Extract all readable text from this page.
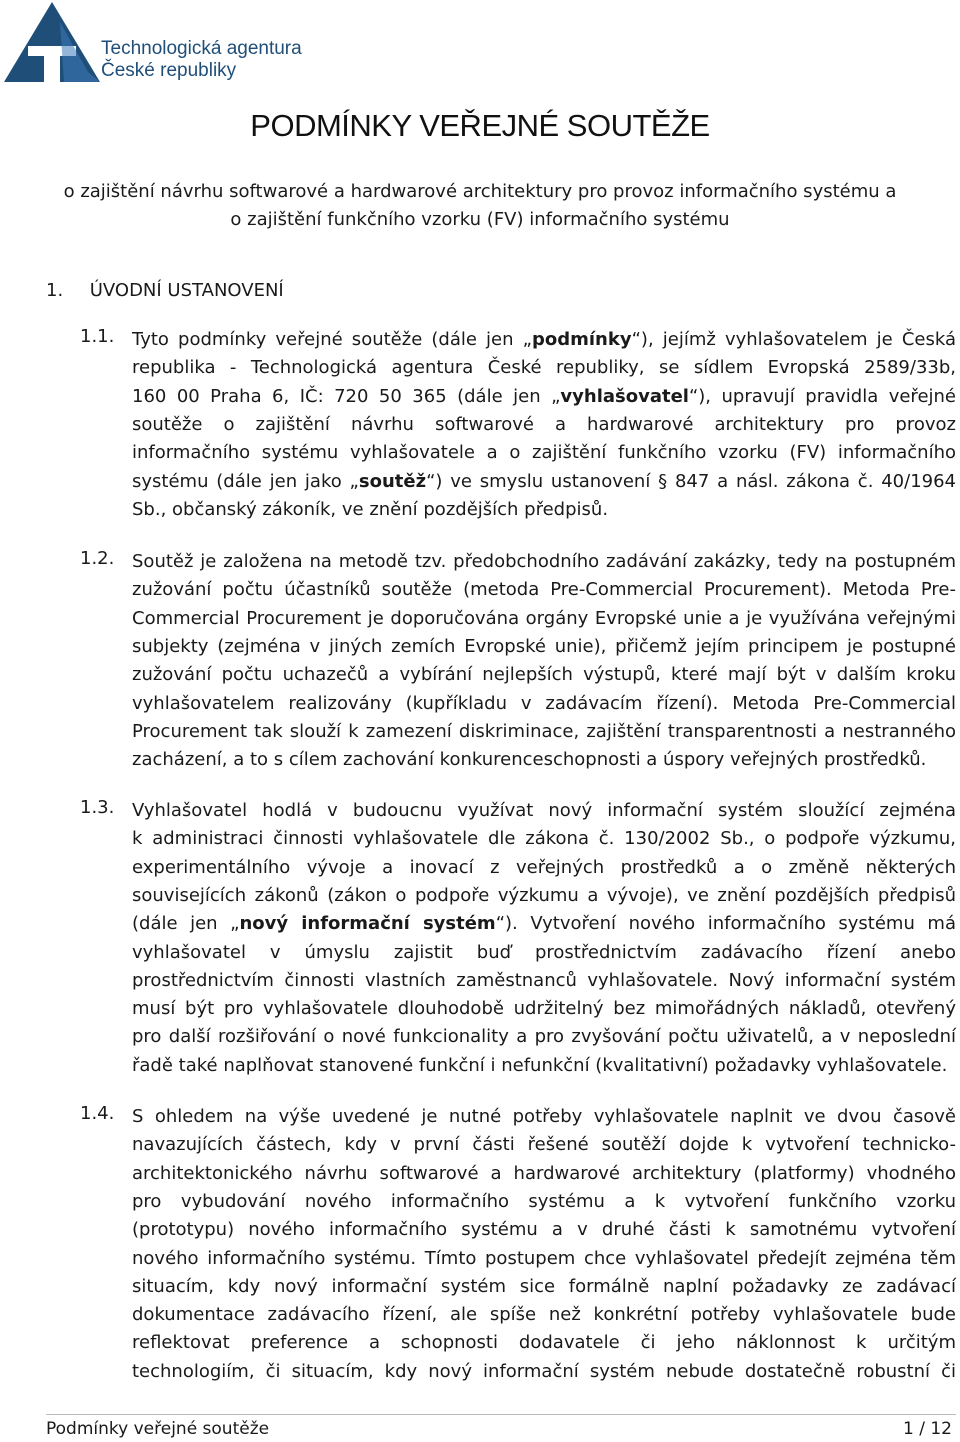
Technologická agentura
České republiky
PODMÍNKY VEŘEJNÉ SOUTĚŽE
o zajištění návrhu softwarové a hardwarové architektury pro provoz informačního systému a
o zajištění funkčního vzorku (FV) informačního systému
1. ÚVODNÍ USTANOVENÍ
1.1. Tyto podmínky veřejné soutěže (dále jen „podmínky“), jejímž vyhlašovatelem je Česká
republika - Technologická agentura České republiky, se sídlem Evropská 2589/33b,
160 00 Praha 6, IČ: 720 50 365 (dále jen „vyhlašovatel“), upravují pravidla veřejné
soutěže o zajištění návrhu softwarové a hardwarové architektury pro provoz
informačního systému vyhlašovatele a o zajištění funkčního vzorku (FV) informačního
systému (dále jen jako „soutěž“) ve smyslu ustanovení § 847 a násl. zákona č. 40/1964
Sb., občanský zákoník, ve znění pozdějších předpisů.
1.2. Soutěž je založena na metodě tzv. předobchodního zadávání zakázky, tedy na postupném
zužování počtu účastníků soutěže (metoda Pre-Commercial Procurement). Metoda Pre-
Commercial Procurement je doporučována orgány Evropské unie a je využívána veřejnými
subjekty (zejména v jiných zemích Evropské unie), přičemž jejím principem je postupné
zužování počtu uchazečů a vybírání nejlepších výstupů, které mají být v dalším kroku
vyhlašovatelem realizovány (kupříkladu v zadávacím řízení). Metoda Pre-Commercial
Procurement tak slouží k zamezení diskriminace, zajištění transparentnosti a nestranného
zacházení, a to s cílem zachování konkurenceschopnosti a úspory veřejných prostředků.
1.3. Vyhlašovatel hodlá v budoucnu využívat nový informační systém sloužící zejména
k administraci činnosti vyhlašovatele dle zákona č. 130/2002 Sb., o podpoře výzkumu,
experimentálního vývoje a inovací z veřejných prostředků a o změně některých
souvisejících zákonů (zákon o podpoře výzkumu a vývoje), ve znění pozdějších předpisů
(dále jen „nový informační systém“). Vytvoření nového informačního systému má
vyhlašovatel v úmyslu zajistit buď prostřednictvím zadávacího řízení anebo
prostřednictvím činnosti vlastních zaměstnanců vyhlašovatele. Nový informační systém
musí být pro vyhlašovatele dlouhodobě udržitelný bez mimořádných nákladů, otevřený
pro další rozšiřování o nové funkcionality a pro zvyšování počtu uživatelů, a v neposlední
řadě také naplňovat stanovené funkční i nefunkční (kvalitativní) požadavky vyhlašovatele.
1.4. S ohledem na výše uvedené je nutné potřeby vyhlašovatele naplnit ve dvou časově
navazujících částech, kdy v první části řešené soutěží dojde k vytvoření technicko-
architektonického návrhu softwarové a hardwarové architektury (platformy) vhodného
pro vybudování nového informačního systému a k vytvoření funkčního vzorku
(prototypu) nového informačního systému a v druhé části k samotnému vytvoření
nového informačního systému. Tímto postupem chce vyhlašovatel předejít zejména těm
situacím, kdy nový informační systém sice formálně naplní požadavky ze zadávací
dokumentace zadávacího řízení, ale spíše než konkrétní potřeby vyhlašovatele bude
reflektovat preference a schopnosti dodavatele či jeho náklonnost k určitým
technologiím, či situacím, kdy nový informační systém nebude dostatečně robustní či
Podmínky veřejné soutěže	1 / 12
